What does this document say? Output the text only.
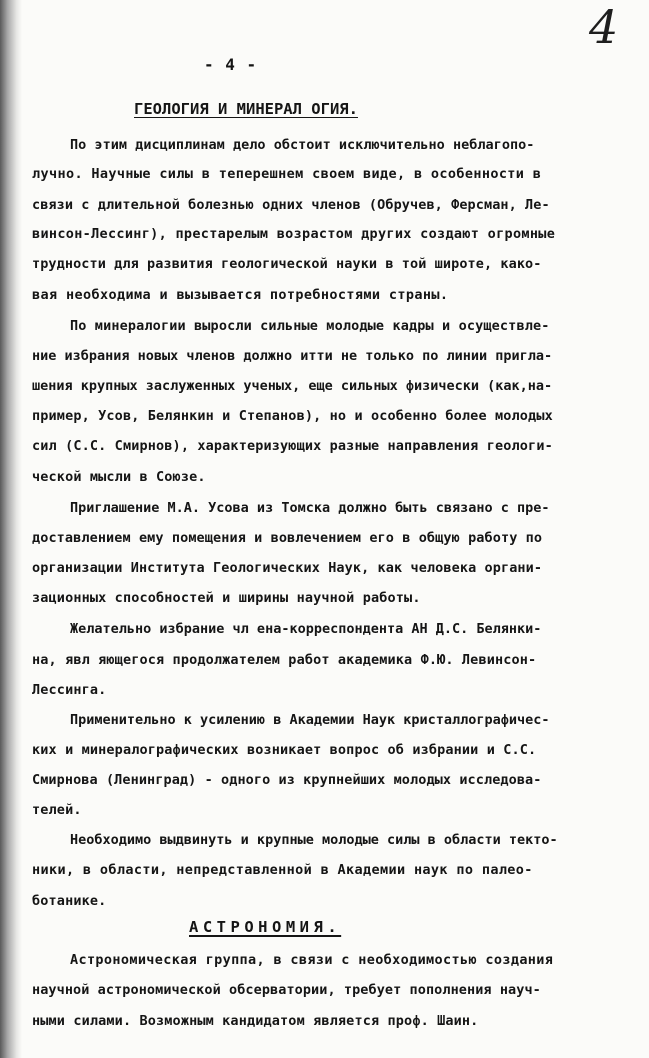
- 4 -
4
ГЕОЛОГИЯ И МИНЕРАЛ ОГИЯ.
По этим дисциплинам дело обстоит исключительно неблагопо-
лучно. Научные силы в теперешнем своем виде, в особенности в
связи с длительной болезнью одних членов (Обручев, Ферсман, Ле-
винсон-Лессинг), престарелым возрастом других создают огромные
трудности для развития геологической науки в той широте, како-
вая необходима и вызывается потребностями страны.
По минералогии выросли сильные молодые кадры и осуществле-
ние избрания новых членов должно итти не только по линии пригла-
шения крупных заслуженных ученых, еще сильных физически (как,на-
пример, Усов, Белянкин и Степанов), но и особенно более молодых
сил (С.С. Смирнов), характеризующих разные направления геологи-
ческой мысли в Союзе.
Приглашение М.А. Усова из Томска должно быть связано с пре-
доставлением ему помещения и вовлечением его в общую работу по
организации Института Геологических Наук, как человека органи-
зационных способностей и ширины научной работы.
Желательно избрание чл ена-корреспондента АН Д.С. Белянки-
на, явл яющегося продолжателем работ академика Ф.Ю. Левинсон-
Лессинга.
Применительно к усилению в Академии Наук кристаллографичес-
ких и минералографических возникает вопрос об избрании и С.С.
Смирнова (Ленинград) - одного из крупнейших молодых исследова-
телей.
Необходимо выдвинуть и крупные молодые силы в области текто-
ники, в области, непредставленной в Академии наук по палео-
ботанике.
АСТРОНОМИЯ.
Астрономическая группа, в связи с необходимостью создания
научной астрономической обсерватории, требует пополнения науч-
ными силами. Возможным кандидатом является проф. Шаин.
